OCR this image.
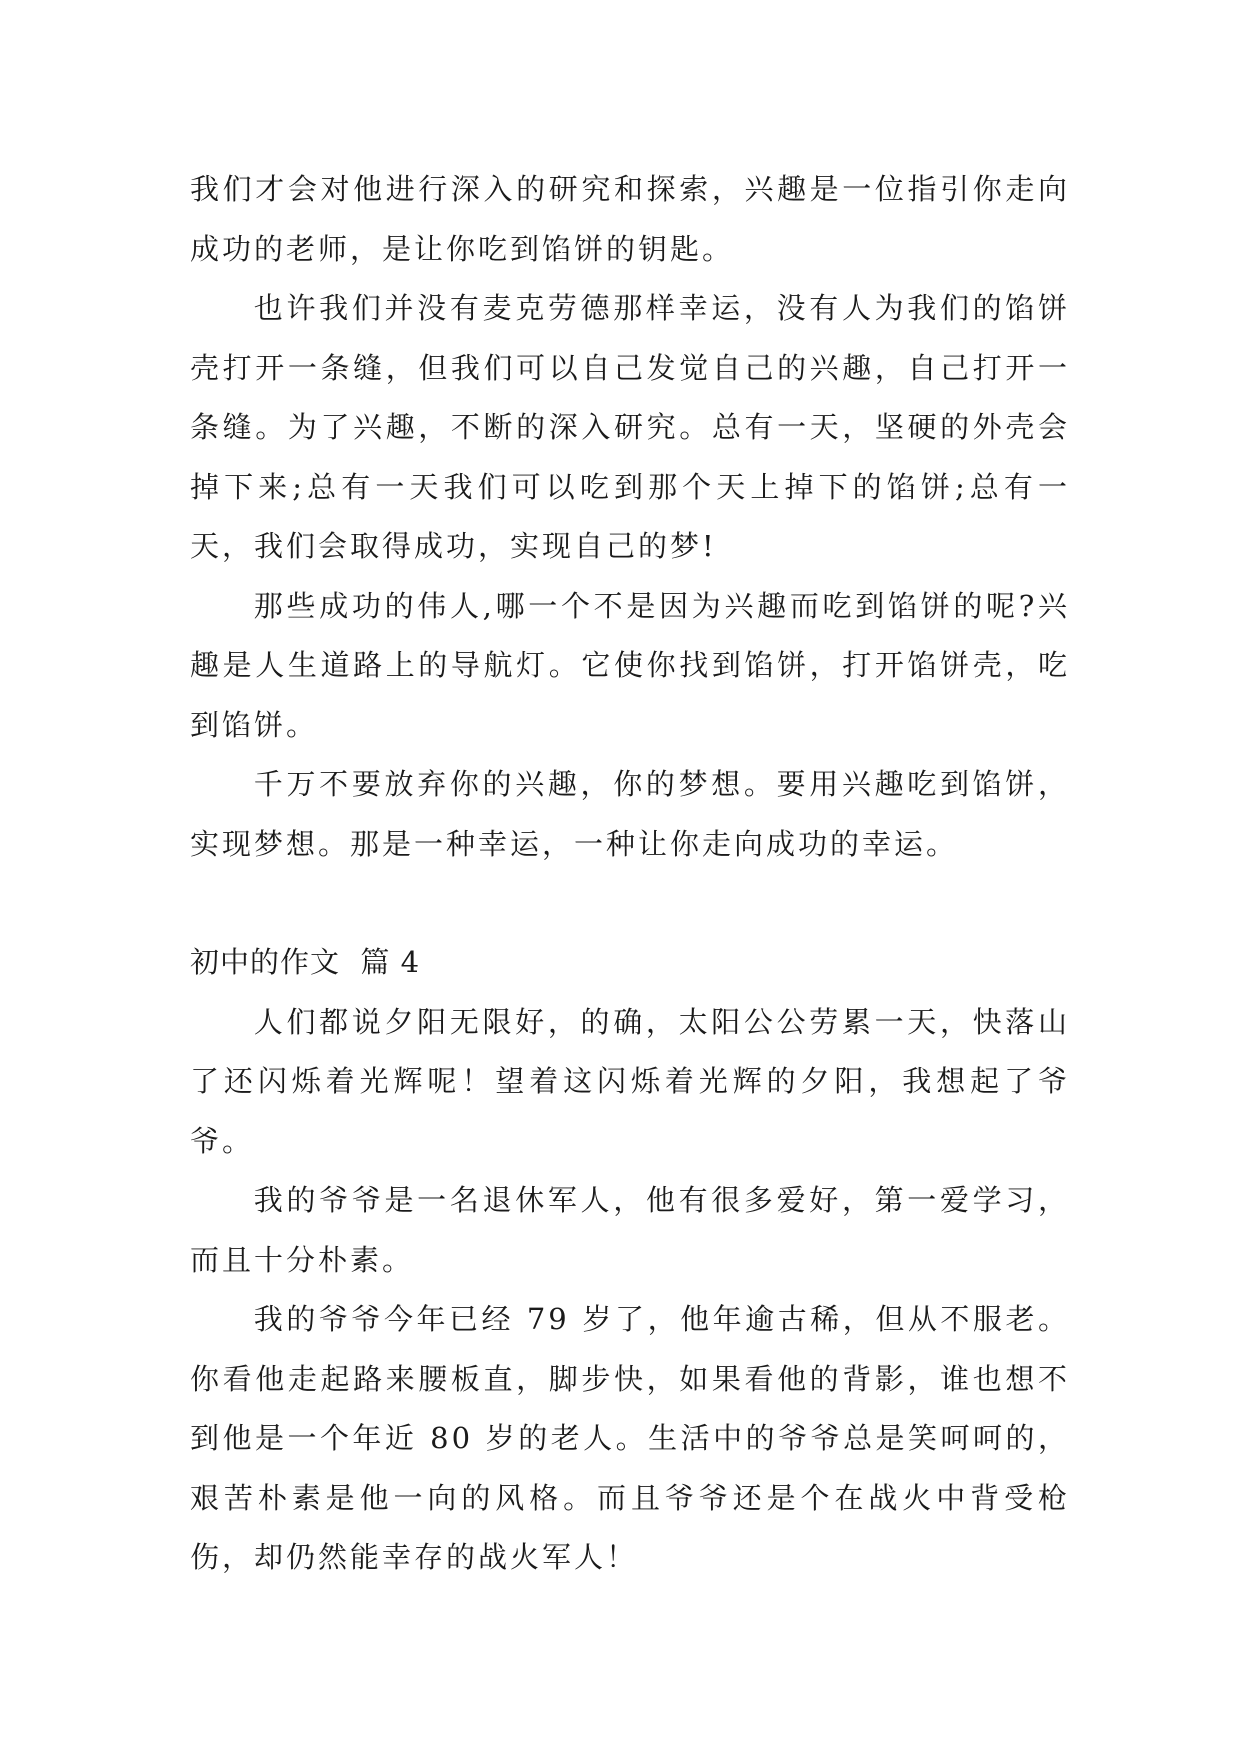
我们才会对他进行深入的研究和探索，兴趣是一位指引你走向成功的老师，是让你吃到馅饼的钥匙。

也许我们并没有麦克劳德那样幸运，没有人为我们的馅饼壳打开一条缝，但我们可以自己发觉自己的兴趣，自己打开一条缝。为了兴趣，不断的深入研究。总有一天，坚硬的外壳会掉下来;总有一天我们可以吃到那个天上掉下的馅饼;总有一天，我们会取得成功，实现自己的梦!

那些成功的伟人,哪一个不是因为兴趣而吃到馅饼的呢?兴趣是人生道路上的导航灯。它使你找到馅饼，打开馅饼壳，吃到馅饼。

千万不要放弃你的兴趣，你的梦想。要用兴趣吃到馅饼，实现梦想。那是一种幸运，一种让你走向成功的幸运。

初中的作文  篇 4

人们都说夕阳无限好，的确，太阳公公劳累一天，快落山了还闪烁着光辉呢！望着这闪烁着光辉的夕阳，我想起了爷爷。

我的爷爷是一名退休军人，他有很多爱好，第一爱学习，而且十分朴素。

我的爷爷今年已经 79 岁了，他年逾古稀，但从不服老。你看他走起路来腰板直，脚步快，如果看他的背影，谁也想不到他是一个年近 80 岁的老人。生活中的爷爷总是笑呵呵的，艰苦朴素是他一向的风格。而且爷爷还是个在战火中背受枪伤，却仍然能幸存的战火军人！
